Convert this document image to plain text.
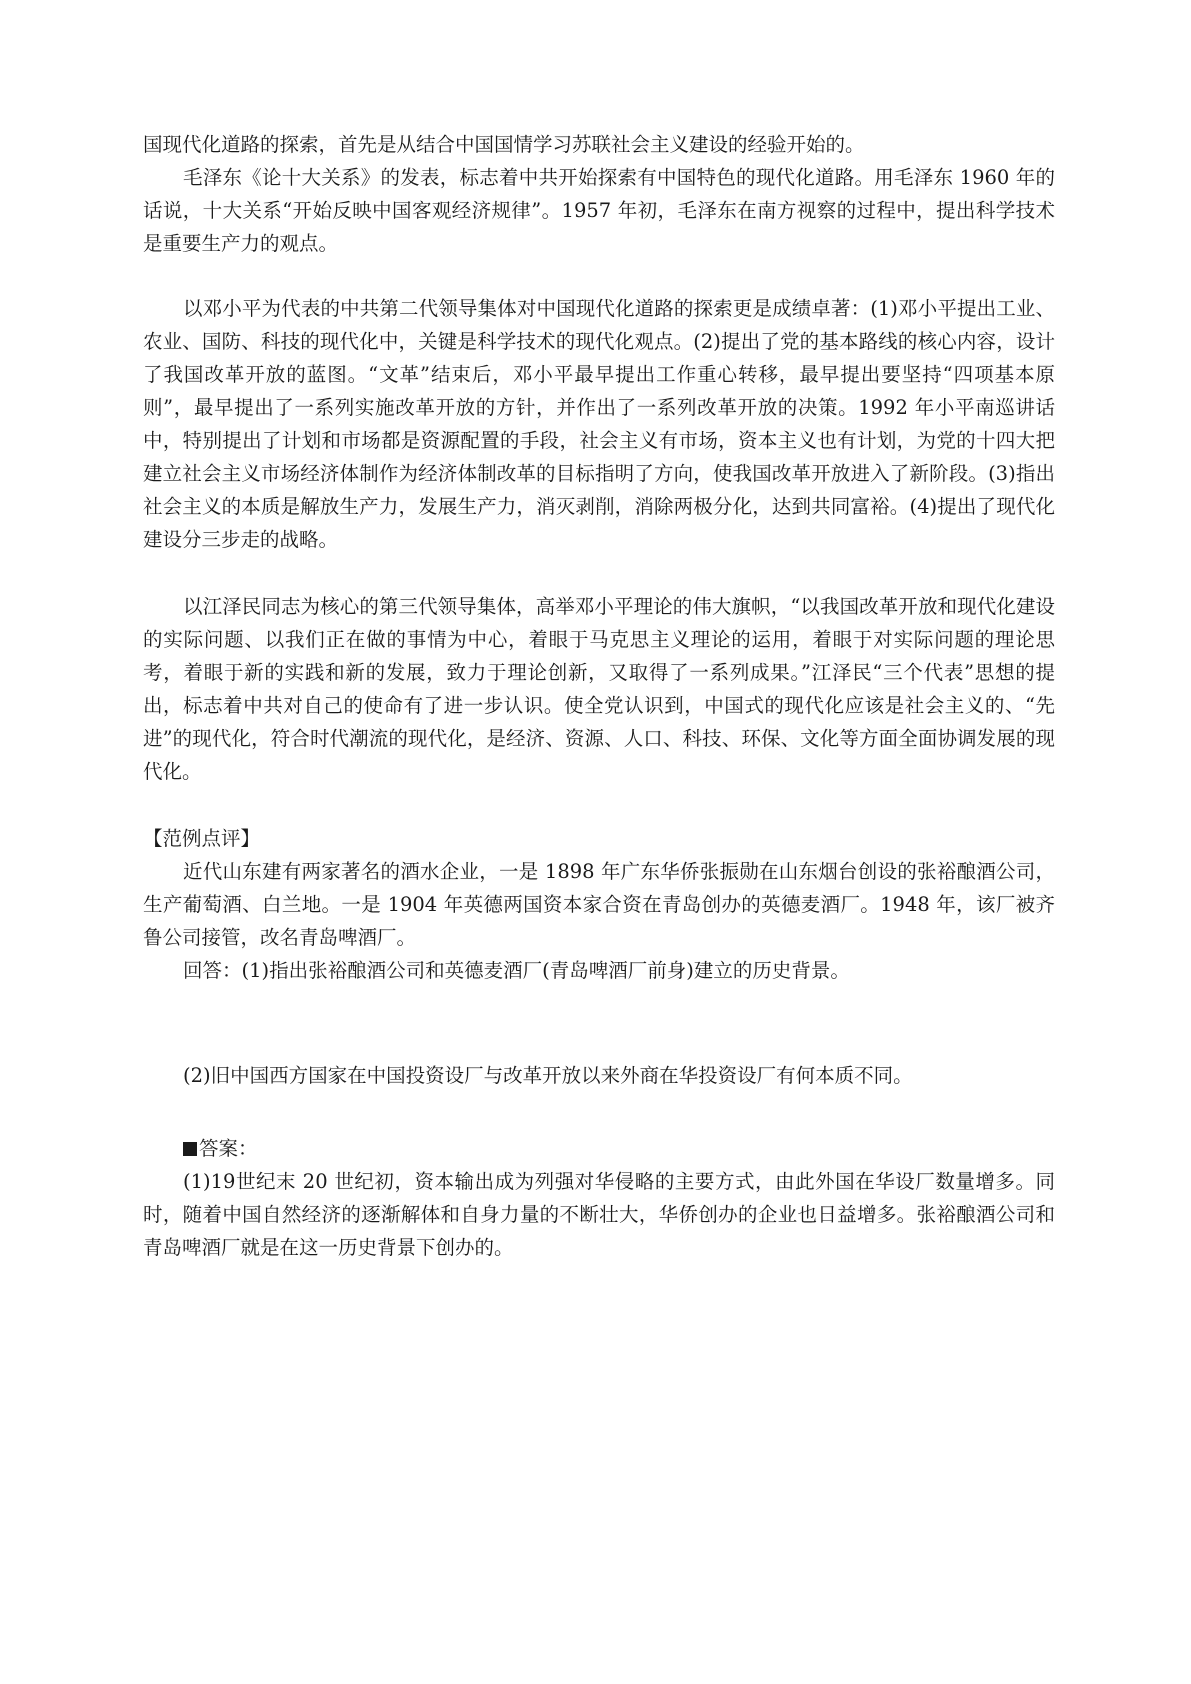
国现代化道路的探索，首先是从结合中国国情学习苏联社会主义建设的经验开始的。

毛泽东《论十大关系》的发表，标志着中共开始探索有中国特色的现代化道路。用毛泽东 1960 年的话说，十大关系“开始反映中国客观经济规律”。1957 年初，毛泽东在南方视察的过程中，提出科学技术是重要生产力的观点。

以邓小平为代表的中共第二代领导集体对中国现代化道路的探索更是成绩卓著：(1)邓小平提出工业、农业、国防、科技的现代化中，关键是科学技术的现代化观点。(2)提出了党的基本路线的核心内容，设计了我国改革开放的蓝图。“文革”结束后，邓小平最早提出工作重心转移，最早提出要坚持“四项基本原则”，最早提出了一系列实施改革开放的方针，并作出了一系列改革开放的决策。1992 年小平南巡讲话中，特别提出了计划和市场都是资源配置的手段，社会主义有市场，资本主义也有计划，为党的十四大把建立社会主义市场经济体制作为经济体制改革的目标指明了方向，使我国改革开放进入了新阶段。(3)指出社会主义的本质是解放生产力，发展生产力，消灭剥削，消除两极分化，达到共同富裕。(4)提出了现代化建设分三步走的战略。

以江泽民同志为核心的第三代领导集体，高举邓小平理论的伟大旗帜，“以我国改革开放和现代化建设的实际问题、以我们正在做的事情为中心，着眼于马克思主义理论的运用，着眼于对实际问题的理论思考，着眼于新的实践和新的发展，致力于理论创新，又取得了一系列成果。”江泽民“三个代表”思想的提出，标志着中共对自己的使命有了进一步认识。使全党认识到，中国式的现代化应该是社会主义的、“先进”的现代化，符合时代潮流的现代化，是经济、资源、人口、科技、环保、文化等方面全面协调发展的现代化。

【范例点评】

近代山东建有两家著名的酒水企业，一是 1898 年广东华侨张振勋在山东烟台创设的张裕酿酒公司，生产葡萄酒、白兰地。一是 1904 年英德两国资本家合资在青岛创办的英德麦酒厂。1948 年，该厂被齐鲁公司接管，改名青岛啤酒厂。

回答：(1)指出张裕酿酒公司和英德麦酒厂(青岛啤酒厂前身)建立的历史背景。

(2)旧中国西方国家在中国投资设厂与改革开放以来外商在华投资设厂有何本质不同。

答案：

(1)19世纪末 20 世纪初，资本输出成为列强对华侵略的主要方式，由此外国在华设厂数量增多。同时，随着中国自然经济的逐渐解体和自身力量的不断壮大，华侨创办的企业也日益增多。张裕酿酒公司和青岛啤酒厂就是在这一历史背景下创办的。
